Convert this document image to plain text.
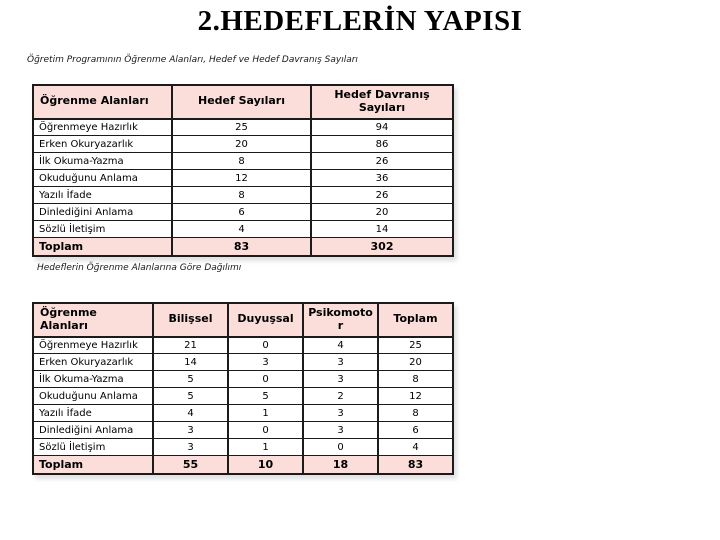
2.HEDEFLERİN YAPISI
Öğretim Programının Öğrenme Alanları, Hedef ve Hedef Davranış Sayıları
Öğrenme Alanları	Hedef Sayıları	Hedef Davranış Sayıları
Öğrenmeye Hazırlık	25	94
Erken Okuryazarlık	20	86
İlk Okuma-Yazma	8	26
Okuduğunu Anlama	12	36
Yazılı İfade	8	26
Dinlediğini Anlama	6	20
Sözlü İletişim	4	14
Toplam	83	302
Hedeflerin Öğrenme Alanlarına Göre Dağılımı
Öğrenme Alanları	Bilişsel	Duyuşsal	Psikomotor	Toplam
Öğrenmeye Hazırlık	21	0	4	25
Erken Okuryazarlık	14	3	3	20
İlk Okuma-Yazma	5	0	3	8
Okuduğunu Anlama	5	5	2	12
Yazılı İfade	4	1	3	8
Dinlediğini Anlama	3	0	3	6
Sözlü İletişim	3	1	0	4
Toplam	55	10	18	83
